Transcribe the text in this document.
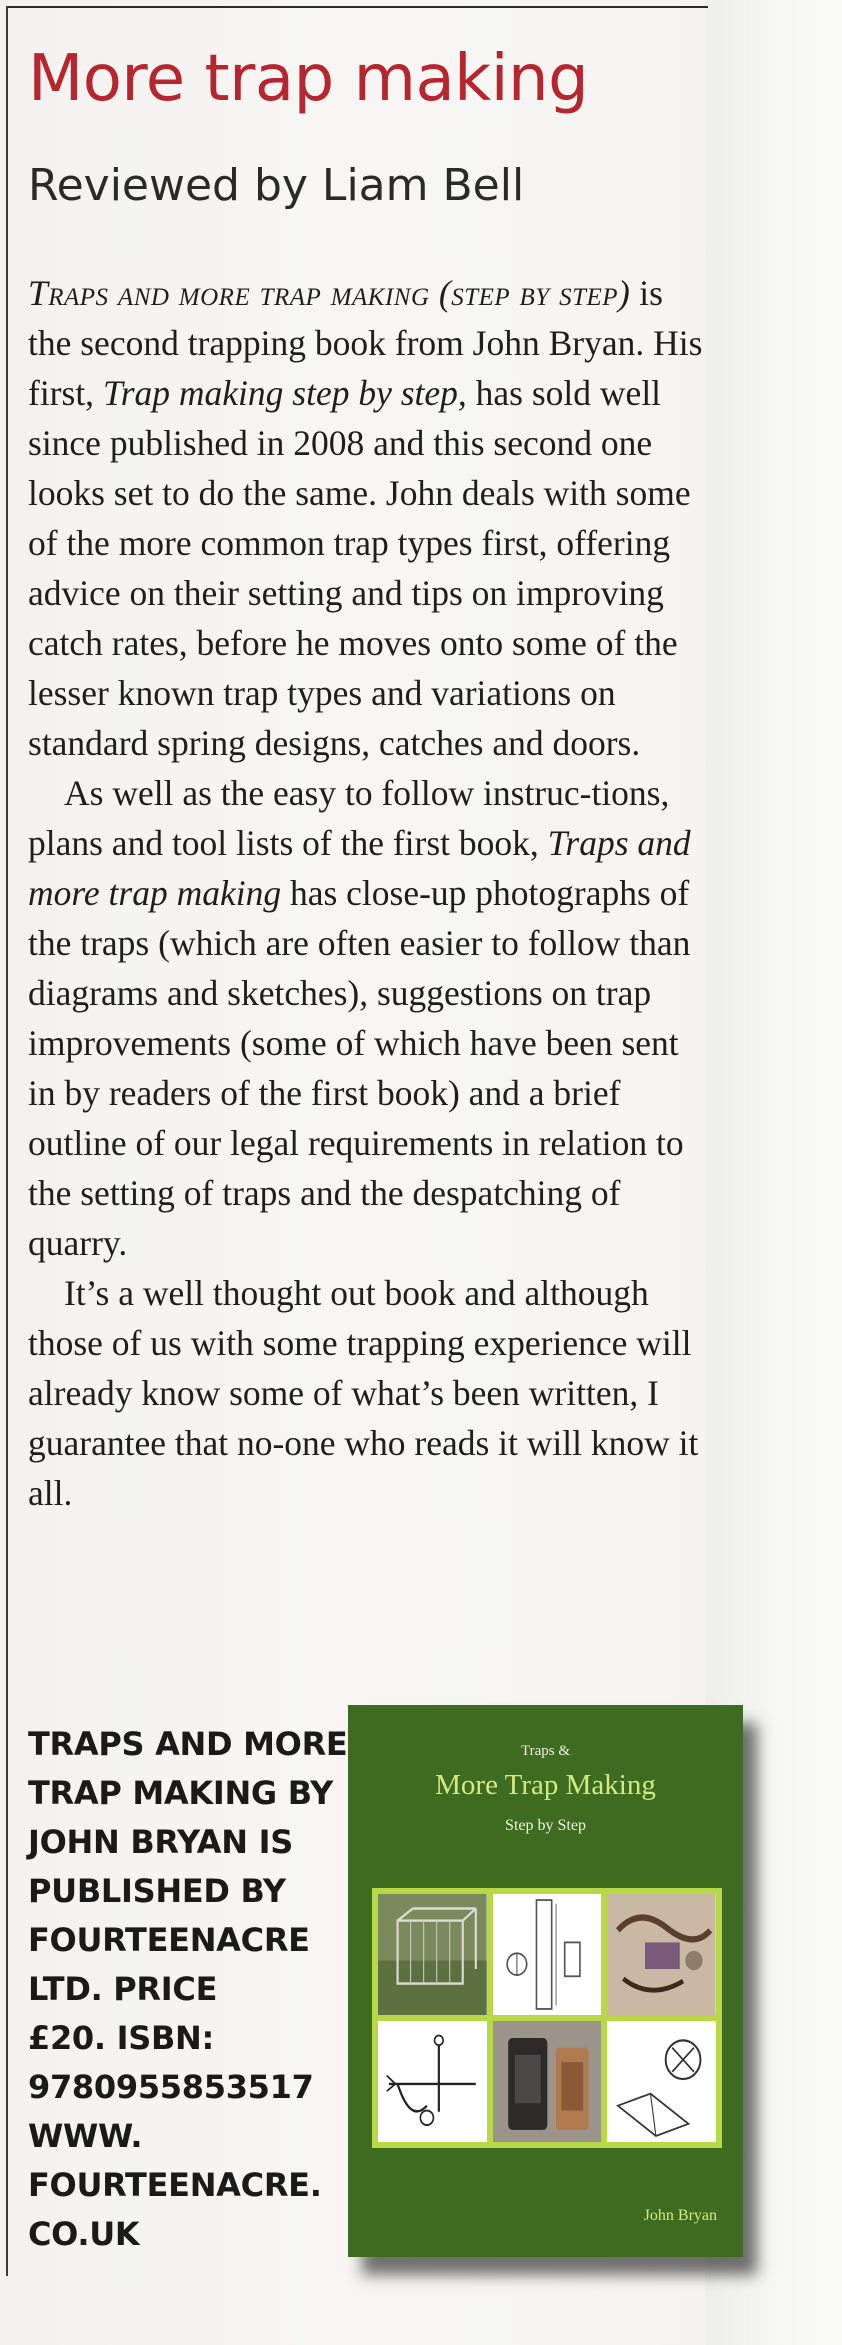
More trap making
Reviewed by Liam Bell

Traps and more trap making (step by step) is the second trapping book from John Bryan. His first, Trap making step by step, has sold well since published in 2008 and this second one looks set to do the same. John deals with some of the more common trap types first, offering advice on their setting and tips on improving catch rates, before he moves onto some of the lesser known trap types and variations on standard spring designs, catches and doors.

As well as the easy to follow instruc-tions, plans and tool lists of the first book, Traps and more trap making has close-up photographs of the traps (which are often easier to follow than diagrams and sketches), suggestions on trap improvements (some of which have been sent in by readers of the first book) and a brief outline of our legal requirements in relation to the setting of traps and the despatching of quarry.

It’s a well thought out book and although those of us with some trapping experience will already know some of what’s been written, I guarantee that no-one who reads it will know it all.

TRAPS AND MORE
TRAP MAKING BY
JOHN BRYAN IS
PUBLISHED BY
FOURTEENACRE
LTD. PRICE
£20. ISBN:
9780955853517
WWW.
FOURTEENACRE.
CO.UK
Traps &
More Trap Making
Step by Step
John Bryan
